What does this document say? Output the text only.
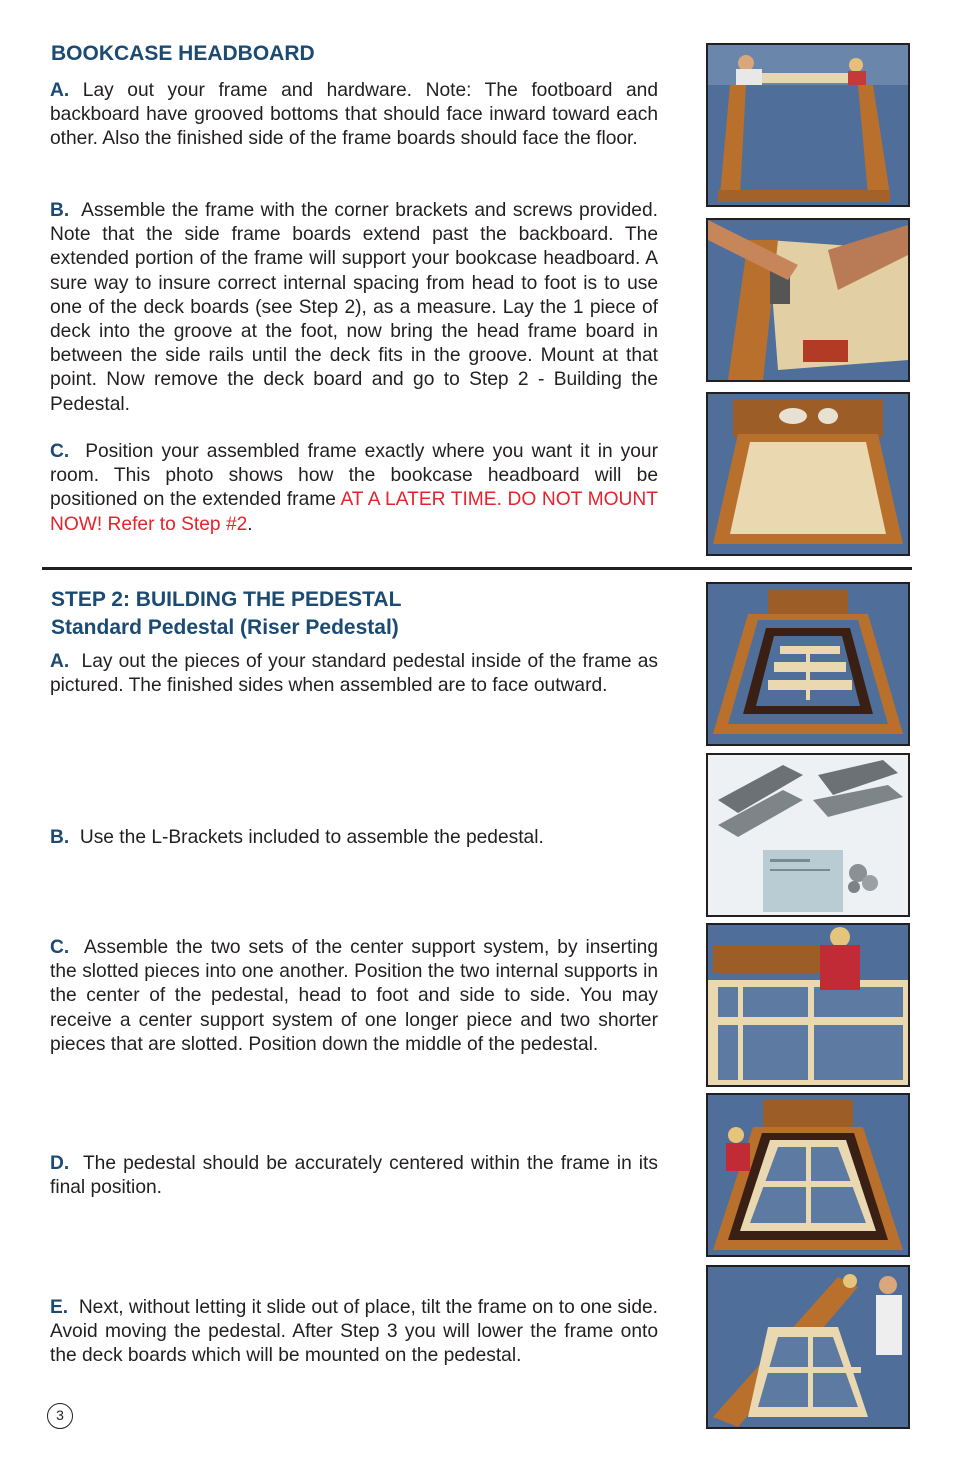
BOOKCASE HEADBOARD

A. Lay out your frame and hardware. Note: The footboard and backboard have grooved bottoms that should face inward toward each other. Also the finished side of the frame boards should face the floor.

B. Assemble the frame with the corner brackets and screws provided. Note that the side frame boards extend past the backboard. The extended portion of the frame will support your bookcase headboard. A sure way to insure correct internal spacing from head to foot is to use one of the deck boards (see Step 2), as a measure. Lay the 1 piece of deck into the groove at the foot, now bring the head frame board in between the side rails until the deck fits in the groove. Mount at that point. Now remove the deck board and go to Step 2 - Building the Pedestal.

C. Position your assembled frame exactly where you want it in your room. This photo shows how the bookcase headboard will be positioned on the extended frame AT A LATER TIME. DO NOT MOUNT NOW! Refer to Step #2.

STEP 2: BUILDING THE PEDESTAL
Standard Pedestal (Riser Pedestal)

A. Lay out the pieces of your standard pedestal inside of the frame as pictured. The finished sides when assembled are to face outward.

B. Use the L-Brackets included to assemble the pedestal.

C. Assemble the two sets of the center support system, by inserting the slotted pieces into one another. Position the two internal supports in the center of the pedestal, head to foot and side to side. You may receive a center support system of one longer piece and two shorter pieces that are slotted. Position down the middle of the pedestal.

D. The pedestal should be accurately centered within the frame in its final position.

E. Next, without letting it slide out of place, tilt the frame on to one side. Avoid moving the pedestal. After Step 3 you will lower the frame onto the deck boards which will be mounted on the pedestal.

3
